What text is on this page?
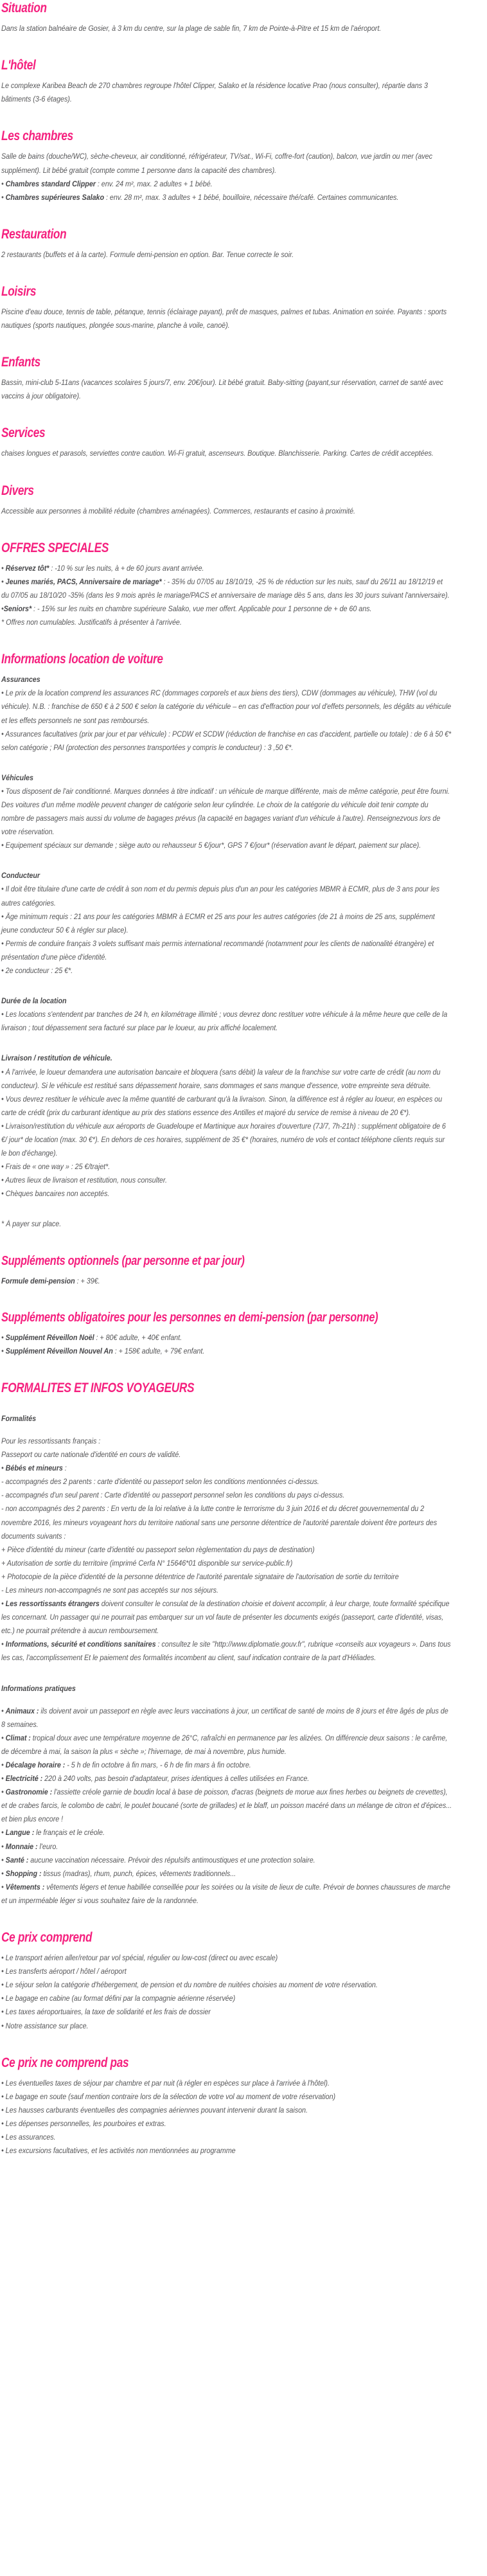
Situation

Dans la station balnéaire de Gosier, à 3 km du centre, sur la plage de sable fin, 7 km de Pointe-à-Pitre et 15 km de l'aéroport.

L'hôtel

Le complexe Karibea Beach de 270 chambres regroupe l'hôtel Clipper, Salako et la résidence locative Prao (nous consulter), répartie dans 3 bâtiments (3-6 étages).

Les chambres

Salle de bains (douche/WC), sèche-cheveux, air conditionné, réfrigérateur, TV/sat., Wi-Fi, coffre-fort (caution), balcon, vue jardin ou mer (avec supplément). Lit bébé gratuit (compte comme 1 personne dans la capacité des chambres).

• Chambres standard Clipper : env. 24 m², max. 2 adultes + 1 bébé.

• Chambres supérieures Salako : env. 28 m², max. 3 adultes + 1 bébé, bouilloire, nécessaire thé/café. Certaines communicantes.

Restauration

2 restaurants (buffets et à la carte). Formule demi-pension en option. Bar. Tenue correcte le soir.

Loisirs

Piscine d'eau douce, tennis de table, pétanque, tennis (éclairage payant), prêt de masques, palmes et tubas. Animation en soirée. Payants : sports nautiques (sports nautiques, plongée sous-marine, planche à voile, canoë).

Enfants

Bassin, mini-club 5-11ans (vacances scolaires 5 jours/7, env. 20€/jour). Lit bébé gratuit. Baby-sitting (payant,sur réservation, carnet de santé avec vaccins à jour obligatoire).

Services

chaises longues et parasols, serviettes contre caution. Wi-Fi gratuit, ascenseurs. Boutique. Blanchisserie. Parking. Cartes de crédit acceptées.

Divers

Accessible aux personnes à mobilité réduite (chambres aménagées). Commerces, restaurants et casino à proximité.

OFFRES SPECIALES

• Réservez tôt* : -10 % sur les nuits, à + de 60 jours avant arrivée.

• Jeunes mariés, PACS, Anniversaire de mariage* : - 35% du 07/05 au 18/10/19, -25 % de réduction sur les nuits, sauf du 26/11 au 18/12/19 et du 07/05 au 18/10/20 -35% (dans les 9 mois après le mariage/PACS et anniversaire de mariage dès 5 ans, dans les 30 jours suivant l'anniversaire).

•Seniors* : - 15% sur les nuits en chambre supérieure Salako, vue mer offert. Applicable pour 1 personne de + de 60 ans.

* Offres non cumulables. Justificatifs à présenter à l'arrivée.

Informations location de voiture

Assurances

• Le prix de la location comprend les assurances RC (dommages corporels et aux biens des tiers), CDW (dommages au véhicule), THW (vol du véhicule). N.B. : franchise de 650 € à 2 500 € selon la catégorie du véhicule – en cas d'effraction pour vol d'effets personnels, les dégâts au véhicule et les effets personnels ne sont pas remboursés.

• Assurances facultatives (prix par jour et par véhicule) : PCDW et SCDW (réduction de franchise en cas d'accident, partielle ou totale) : de 6 à 50 €* selon catégorie ; PAI (protection des personnes transportées y compris le conducteur) : 3 ,50 €*.

Véhicules

• Tous disposent de l'air conditionné. Marques données à titre indicatif : un véhicule de marque différente, mais de même catégorie, peut être fourni. Des voitures d'un même modèle peuvent changer de catégorie selon leur cylindrée. Le choix de la catégorie du véhicule doit tenir compte du nombre de passagers mais aussi du volume de bagages prévus (la capacité en bagages variant d'un véhicule à l'autre). Renseignezvous lors de votre réservation.

• Equipement spéciaux sur demande ; siège auto ou rehausseur 5 €/jour*, GPS 7 €/jour* (réservation avant le départ, paiement sur place).

Conducteur

• Il doit être titulaire d'une carte de crédit à son nom et du permis depuis plus d'un an pour les catégories MBMR à ECMR, plus de 3 ans pour les autres catégories.

• Âge minimum requis : 21 ans pour les catégories MBMR à ECMR et 25 ans pour les autres catégories (de 21 à moins de 25 ans, supplément jeune conducteur 50 € à régler sur place).

• Permis de conduire français 3 volets suffisant mais permis international recommandé (notamment pour les clients de nationalité étrangère) et présentation d'une pièce d'identité.

• 2e conducteur : 25 €*.

Durée de la location

• Les locations s'entendent par tranches de 24 h, en kilométrage illimité ; vous devrez donc restituer votre véhicule à la même heure que celle de la livraison ; tout dépassement sera facturé sur place par le loueur, au prix affiché localement.

Livraison / restitution de véhicule.

• À l'arrivée, le loueur demandera une autorisation bancaire et bloquera (sans débit) la valeur de la franchise sur votre carte de crédit (au nom du conducteur). Si le véhicule est restitué sans dépassement horaire, sans dommages et sans manque d'essence, votre empreinte sera détruite.

• Vous devrez restituer le véhicule avec la même quantité de carburant qu'à la livraison. Sinon, la différence est à régler au loueur, en espèces ou carte de crédit (prix du carburant identique au prix des stations essence des Antilles et majoré du service de remise à niveau de 20 €*).

• Livraison/restitution du véhicule aux aéroports de Guadeloupe et Martinique aux horaires d'ouverture (7J/7, 7h-21h) : supplément obligatoire de 6 €/ jour* de location (max. 30 €*). En dehors de ces horaires, supplément de 35 €* (horaires, numéro de vols et contact téléphone clients requis sur le bon d'échange).

• Frais de « one way » : 25 €/trajet*.

• Autres lieux de livraison et restitution, nous consulter.

• Chèques bancaires non acceptés.

* À payer sur place.

Suppléments optionnels (par personne et par jour)

Formule demi-pension : + 39€.

Suppléments obligatoires pour les personnes en demi-pension (par personne)

• Supplément Réveillon Noël : + 80€ adulte, + 40€ enfant.

• Supplément Réveillon Nouvel An : + 158€ adulte, + 79€ enfant.

FORMALITES ET INFOS VOYAGEURS

Formalités

Pour les ressortissants français :

Passeport ou carte nationale d'identité en cours de validité.

• Bébés et mineurs :

- accompagnés des 2 parents : carte d'identité ou passeport selon les conditions mentionnées ci-dessus.

- accompagnés d'un seul parent : Carte d'identité ou passeport personnel selon les conditions du pays ci-dessus.

- non accompagnés des 2 parents : En vertu de la loi relative à la lutte contre le terrorisme du 3 juin 2016 et du décret gouvernemental du 2 novembre 2016, les mineurs voyageant hors du territoire national sans une personne détentrice de l'autorité parentale doivent être porteurs des documents suivants :

+ Pièce d'identité du mineur (carte d'identité ou passeport selon règlementation du pays de destination)

+ Autorisation de sortie du territoire (imprimé Cerfa N° 15646*01 disponible sur service-public.fr)

+ Photocopie de la pièce d'identité de la personne détentrice de l'autorité parentale signataire de l'autorisation de sortie du territoire

- Les mineurs non-accompagnés ne sont pas acceptés sur nos séjours.

• Les ressortissants étrangers doivent consulter le consulat de la destination choisie et doivent accomplir, à leur charge, toute formalité spécifique les concernant. Un passager qui ne pourrait pas embarquer sur un vol faute de présenter les documents exigés (passeport, carte d'identité, visas, etc.) ne pourrait prétendre à aucun remboursement.

• Informations, sécurité et conditions sanitaires : consultez le site "http://www.diplomatie.gouv.fr", rubrique «conseils aux voyageurs ». Dans tous les cas, l'accomplissement Et le paiement des formalités incombent au client, sauf indication contraire de la part d'Héliades.

Informations pratiques

• Animaux : ils doivent avoir un passeport en règle avec leurs vaccinations à jour, un certificat de santé de moins de 8 jours et être âgés de plus de 8 semaines.

• Climat : tropical doux avec une température moyenne de 26°C, rafraîchi en permanence par les alizées. On différencie deux saisons : le carême, de décembre à mai, la saison la plus « sèche »; l'hivernage, de mai à novembre, plus humide.

• Décalage horaire : - 5 h de fin octobre à fin mars, - 6 h de fin mars à fin octobre.

• Electricité : 220 à 240 volts, pas besoin d'adaptateur, prises identiques à celles utilisées en France.

• Gastronomie : l'assiette créole garnie de boudin local à base de poisson, d'acras (beignets de morue aux fines herbes ou beignets de crevettes), et de crabes farcis, le colombo de cabri, le poulet boucané (sorte de grillades) et le blaff, un poisson macéré dans un mélange de citron et d'épices... et bien plus encore !

• Langue : le français et le créole.

• Monnaie : l'euro.

• Santé : aucune vaccination nécessaire. Prévoir des répulsifs antimoustiques et une protection solaire.

• Shopping : tissus (madras), rhum, punch, épices, vêtements traditionnels...

• Vêtements : vêtements légers et tenue habillée conseillée pour les soirées ou la visite de lieux de culte. Prévoir de bonnes chaussures de marche et un imperméable léger si vous souhaitez faire de la randonnée.

Ce prix comprend

• Le transport aérien aller/retour par vol spécial, régulier ou low-cost (direct ou avec escale)

• Les transferts aéroport / hôtel / aéroport

• Le séjour selon la catégorie d'hébergement, de pension et du nombre de nuitées choisies au moment de votre réservation.

• Le bagage en cabine (au format défini par la compagnie aérienne réservée)

• Les taxes aéroportuaires, la taxe de solidarité et les frais de dossier

• Notre assistance sur place.

Ce prix ne comprend pas

• Les éventuelles taxes de séjour par chambre et par nuit (à régler en espèces sur place à l'arrivée à l'hôtel).

• Le bagage en soute (sauf mention contraire lors de la sélection de votre vol au moment de votre réservation)

• Les hausses carburants éventuelles des compagnies aériennes pouvant intervenir durant la saison.

• Les dépenses personnelles, les pourboires et extras.

• Les assurances.

• Les excursions facultatives, et les activités non mentionnées au programme
